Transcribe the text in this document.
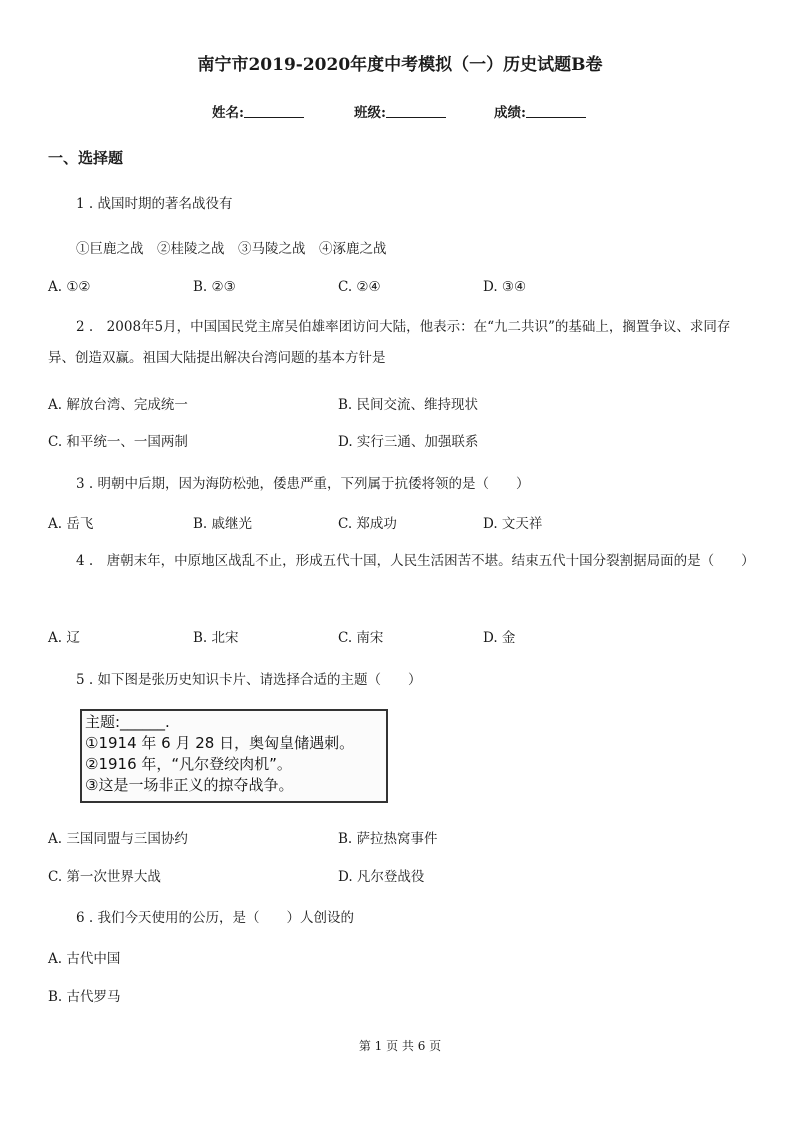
南宁市2019-2020年度中考模拟（一）历史试题B卷
姓名:	班级:	成绩:
一、选择题
1 . 战国时期的著名战役有
①巨鹿之战　②桂陵之战　③马陵之战　④涿鹿之战
A. ①②	B. ②③	C. ②④	D. ③④
2 .　2008年5月，中国国民党主席吴伯雄率团访问大陆，他表示：在“九二共识”的基础上，搁置争议、求同存异、创造双赢。祖国大陆提出解决台湾问题的基本方针是
A. 解放台湾、完成统一	B. 民间交流、维持现状
C. 和平统一、一国两制	D. 实行三通、加强联系
3 . 明朝中后期，因为海防松弛，倭患严重，下列属于抗倭将领的是（　　）
A. 岳飞	B. 戚继光	C. 郑成功	D. 文天祥
4 .　唐朝末年，中原地区战乱不止，形成五代十国，人民生活困苦不堪。结束五代十国分裂割据局面的是（　　）
A. 辽	B. 北宋	C. 南宋	D. 金
5 . 如下图是张历史知识卡片、请选择合适的主题（　　）
主题:______.
①1914 年 6 月 28 日，奥匈皇储遇刺。
②1916 年，“凡尔登绞肉机”。
③这是一场非正义的掠夺战争。
A. 三国同盟与三国协约	B. 萨拉热窝事件
C. 第一次世界大战	D. 凡尔登战役
6 . 我们今天使用的公历，是（　　）人创设的
A. 古代中国
B. 古代罗马
第 1 页 共 6 页
